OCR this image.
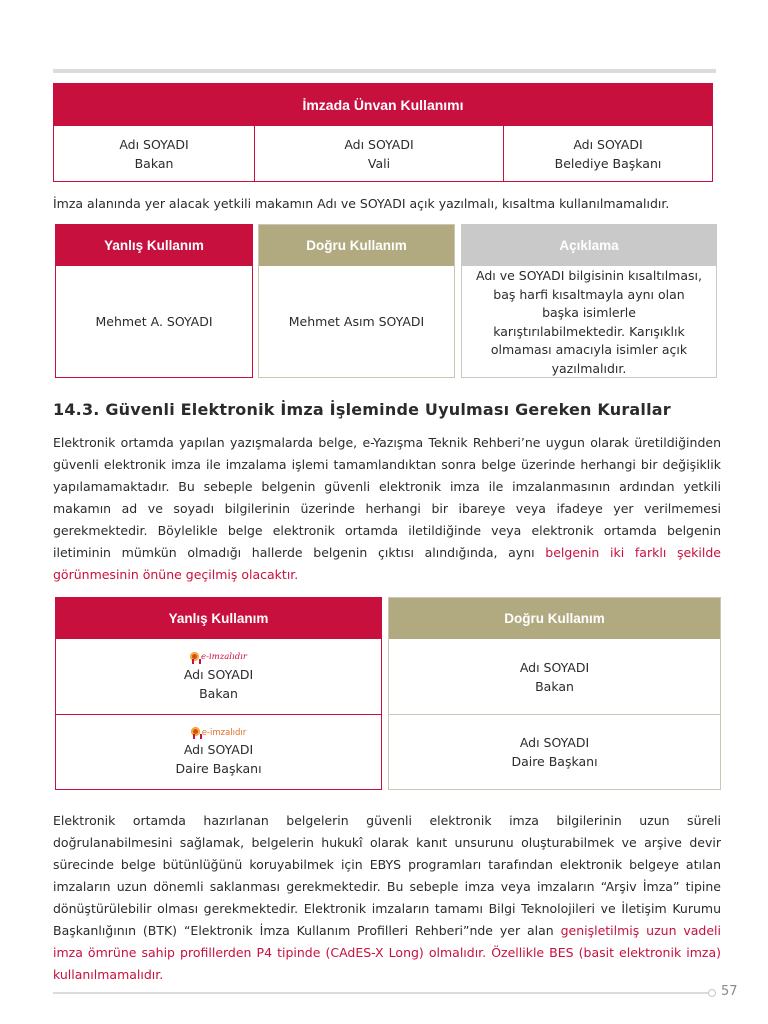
İmzada Ünvan Kullanımı
Adı SOYADI
Bakan
Adı SOYADI
Vali
Adı SOYADI
Belediye Başkanı

İmza alanında yer alacak yetkili makamın Adı ve SOYADI açık yazılmalı, kısaltma kullanılmamalıdır.

Yanlış Kullanım
Mehmet A. SOYADI
Doğru Kullanım
Mehmet Asım SOYADI
Açıklama
Adı ve SOYADI bilgisinin kısaltılması, baş harfi kısaltmayla aynı olan başka isimlerle karıştırılabilmektedir. Karışıklık olmaması amacıyla isimler açık yazılmalıdır.
14.3. Güvenli Elektronik İmza İşleminde Uyulması Gereken Kurallar

Elektronik ortamda yapılan yazışmalarda belge, e-Yazışma Teknik Rehberi’ne uygun olarak üretildiğinden güvenli elektronik imza ile imzalama işlemi tamamlandıktan sonra belge üzerinde herhangi bir değişiklik yapılamamaktadır. Bu sebeple belgenin güvenli elektronik imza ile imzalanmasının ardından yetkili makamın ad ve soyadı bilgilerinin üzerinde herhangi bir ibareye veya ifadeye yer verilmemesi gerekmektedir. Böylelikle belge elektronik ortamda iletildiğinde veya elektronik ortamda belgenin iletiminin mümkün olmadığı hallerde belgenin çıktısı alındığında, aynı belgenin iki farklı şekilde görünmesinin önüne geçilmiş olacaktır.

Yanlış Kullanım
e-imzalıdır
Adı SOYADI
Bakan
e-imzalıdır
Adı SOYADI
Daire Başkanı
Doğru Kullanım
Adı SOYADI
Bakan
Adı SOYADI
Daire Başkanı

Elektronik ortamda hazırlanan belgelerin güvenli elektronik imza bilgilerinin uzun süreli doğrulanabilmesini sağlamak, belgelerin hukukî olarak kanıt unsurunu oluşturabilmek ve arşive devir sürecinde belge bütünlüğünü koruyabilmek için EBYS programları tarafından elektronik belgeye atılan imzaların uzun dönemli saklanması gerekmektedir. Bu sebeple imza veya imzaların “Arşiv İmza” tipine dönüştürülebilir olması gerekmektedir. Elektronik imzaların tamamı Bilgi Teknolojileri ve İletişim Kurumu Başkanlığının (BTK) “Elektronik İmza Kullanım Profilleri Rehberi”nde yer alan genişletilmiş uzun vadeli imza ömrüne sahip profillerden P4 tipinde (CAdES-X Long) olmalıdır. Özellikle BES (basit elektronik imza) kullanılmamalıdır.

57
